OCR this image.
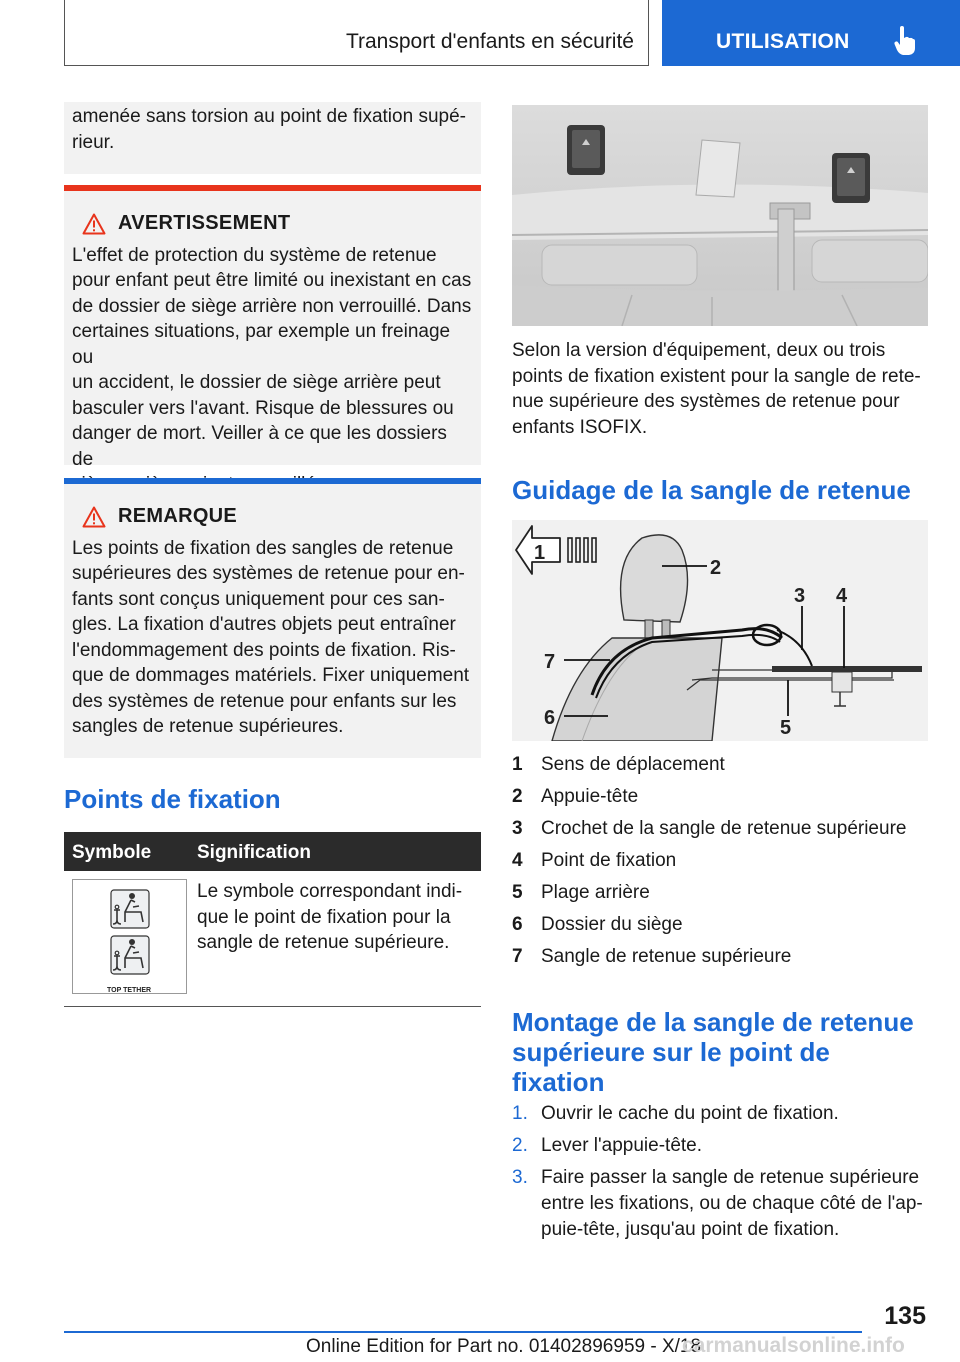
Transport d'enfants en sécurité	UTILISATION

amenée sans torsion au point de fixation supé-rieur.

AVERTISSEMENT
L'effet de protection du système de retenue
pour enfant peut être limité ou inexistant en cas
de dossier de siège arrière non verrouillé. Dans
certaines situations, par exemple un freinage ou
un accident, le dossier de siège arrière peut
basculer vers l'avant. Risque de blessures ou
danger de mort. Veiller à ce que les dossiers de
REMARQUE
Les points de fixation des sangles de retenue
supérieures des systèmes de retenue pour en-
fants sont conçus uniquement pour ces san-
gles. La fixation d'autres objets peut entraîner
l'endommagement des points de fixation. Ris-
que de dommages matériels. Fixer uniquement
des systèmes de retenue pour enfants sur les
sangles de retenue supérieures.
Points de fixation
Symbole Signification
TOP TETHER
Le symbole correspondant indi-
que le point de fixation pour la
sangle de retenue supérieure.
Selon la version d'équipement, deux ou trois
points de fixation existent pour la sangle de rete-
nue supérieure des systèmes de retenue pour
enfants ISOFIX.
Guidage de la sangle de retenue
1
2
3 4
5
6
7
1 Sens de déplacement
2 Appuie-tête
3 Crochet de la sangle de retenue supérieure
4 Point de fixation
5 Plage arrière
6 Dossier du siège
7 Sangle de retenue supérieure
Montage de la sangle de retenue
supérieure sur le point de
fixation
1. Ouvrir le cache du point de fixation.
2. Lever l'appuie-tête.
3. Faire passer la sangle de retenue supérieure
entre les fixations, ou de chaque côté de l'ap-
puie-tête, jusqu'au point de fixation.
135
Online Edition for Part no. 01402896959 - X/18
carmanualsonline.info
